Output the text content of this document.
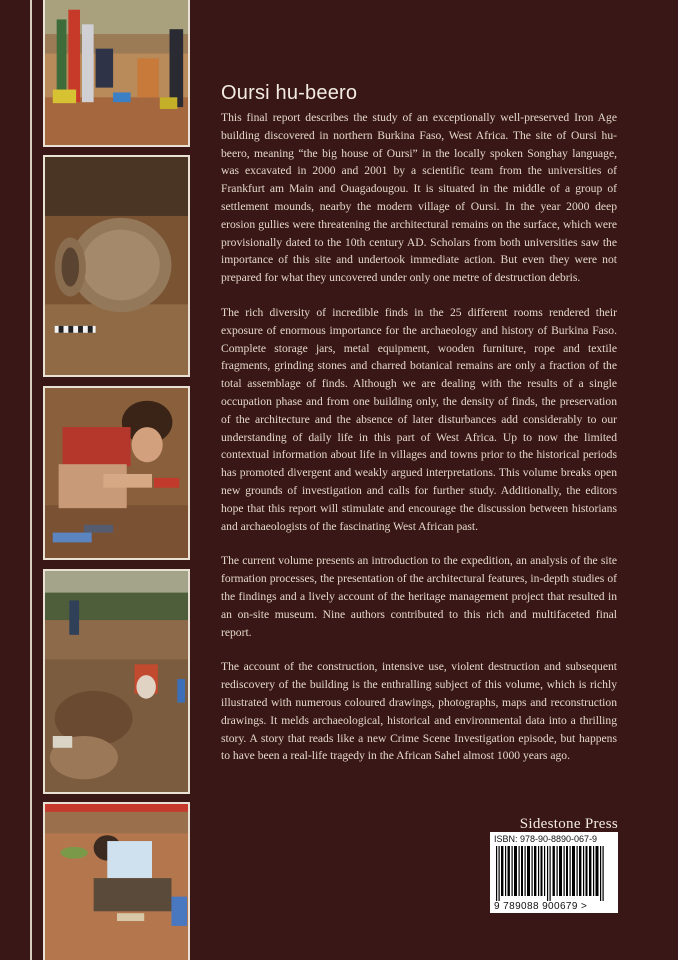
Oursi hu-beero

This final report describes the study of an exceptionally well-preserved Iron Age building discovered in northern Burkina Faso, West Africa. The site of Oursi hu-beero, meaning “the big house of Oursi” in the locally spoken Songhay language, was excavated in 2000 and 2001 by a scientific team from the universities of Frankfurt am Main and Ouagadougou. It is situated in the middle of a group of settlement mounds, nearby the modern village of Oursi. In the year 2000 deep erosion gullies were threatening the architectural remains on the surface, which were provisionally dated to the 10th century AD. Scholars from both universities saw the importance of this site and undertook immediate action. But even they were not prepared for what they uncovered under only one metre of destruction debris.

The rich diversity of incredible finds in the 25 different rooms rendered their exposure of enormous importance for the archaeology and history of Burkina Faso. Complete storage jars, metal equipment, wooden furniture, rope and textile fragments, grinding stones and charred botanical remains are only a fraction of the total assemblage of finds. Although we are dealing with the results of a single occupation phase and from one building only, the density of finds, the preservation of the architecture and the absence of later disturbances add considerably to our understanding of daily life in this part of West Africa. Up to now the limited contextual information about life in villages and towns prior to the historical periods has promoted divergent and weakly argued interpretations. This volume breaks open new grounds of investigation and calls for further study. Additionally, the editors hope that this report will stimulate and encourage the discussion between historians and archaeologists of the fascinating West African past.

The current volume presents an introduction to the expedition, an analysis of the site formation processes, the presentation of the architectural features, in-depth studies of the findings and a lively account of the heritage management project that resulted in an on-site museum. Nine authors contributed to this rich and multifaceted final report.

The account of the construction, intensive use, violent destruction and subsequent rediscovery of the building is the enthralling subject of this volume, which is richly illustrated with numerous coloured drawings, photographs, maps and reconstruction drawings. It melds archaeological, historical and environmental data into a thrilling story. A story that reads like a new Crime Scene Investigation episode, but happens to have been a real-life tragedy in the African Sahel almost 1000 years ago.

Sidestone Press
ISBN: 978-90-8890-067-9
9 789088 900679 >
